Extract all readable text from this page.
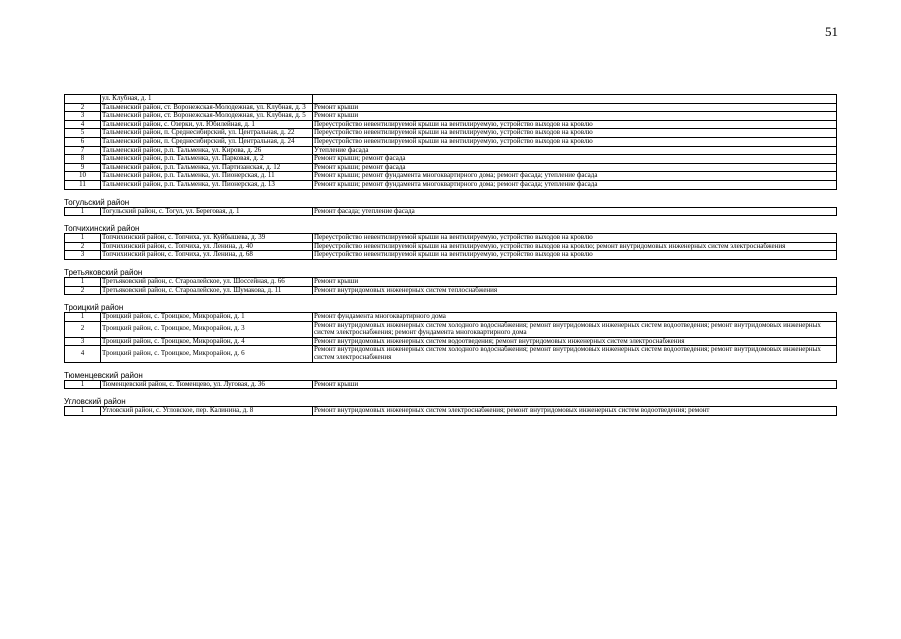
51
	ул. Клубная, д. 1	
2	Тальменский район, ст. Воронежская-Молодежная, ул. Клубная, д. 3	Ремонт крыши
3	Тальменский район, ст. Воронежская-Молодежная, ул. Клубная, д. 5	Ремонт крыши
4	Тальменский район, с. Озерки, ул. Юбилейная, д. 1	Переустройство невентилируемой крыши на вентилируемую, устройство выходов на кровлю
5	Тальменский район, п. Среднесибирский, ул. Центральная, д. 22	Переустройство невентилируемой крыши на вентилируемую, устройство выходов на кровлю
6	Тальменский район, п. Среднесибирский, ул. Центральная, д. 24	Переустройство невентилируемой крыши на вентилируемую, устройство выходов на кровлю
7	Тальменский район, р.п. Тальменка, ул. Кирова, д. 26	Утепление фасада
8	Тальменский район, р.п. Тальменка, ул. Парковая, д. 2	Ремонт крыши; ремонт фасада
9	Тальменский район, р.п. Тальменка, ул. Партизанская, д. 12	Ремонт крыши; ремонт фасада
10	Тальменский район, р.п. Тальменка, ул. Пионерская, д. 11	Ремонт крыши; ремонт фундамента многоквартирного дома; ремонт фасада; утепление фасада
11	Тальменский район, р.п. Тальменка, ул. Пионерская, д. 13	Ремонт крыши; ремонт фундамента многоквартирного дома; ремонт фасада; утепление фасада
Тогульский район
1	Тогульский район, с. Тогул, ул. Береговая, д. 1	Ремонт фасада; утепление фасада
Топчихинский район
1	Топчихинский район, с. Топчиха, ул. Куйбышева, д. 39	Переустройство невентилируемой крыши на вентилируемую, устройство выходов на кровлю
2	Топчихинский район, с. Топчиха, ул. Ленина, д. 40	Переустройство невентилируемой крыши на вентилируемую, устройство выходов на кровлю; ремонт внутридомовых инженерных систем электроснабжения
3	Топчихинский район, с. Топчиха, ул. Ленина, д. 68	Переустройство невентилируемой крыши на вентилируемую, устройство выходов на кровлю
Третьяковский район
1	Третьяковский район, с. Староалейское, ул. Шоссейная, д. 66	Ремонт крыши
2	Третьяковский район, с. Староалейское, ул. Шумакова, д. 11	Ремонт внутридомовых инженерных систем теплоснабжения
Троицкий район
1	Троицкий район, с. Троицкое, Микрорайон, д. 1	Ремонт фундамента многоквартирного дома
2	Троицкий район, с. Троицкое, Микрорайон, д. 3	Ремонт внутридомовых инженерных систем холодного водоснабжения; ремонт внутридомовых инженерных систем водоотведения; ремонт внутридомовых инженерных систем электроснабжения; ремонт фундамента многоквартирного дома
3	Троицкий район, с. Троицкое, Микрорайон, д. 4	Ремонт внутридомовых инженерных систем водоотведения; ремонт внутридомовых инженерных систем электроснабжения
4	Троицкий район, с. Троицкое, Микрорайон, д. 6	Ремонт внутридомовых инженерных систем холодного водоснабжения; ремонт внутридомовых инженерных систем водоотведения; ремонт внутридомовых инженерных систем электроснабжения
Тюменцевский район
1	Тюменцевский район, с. Тюменцево, ул. Луговая, д. 36	Ремонт крыши
Угловский район
1	Угловский район, с. Угловское, пер. Калинина, д. 8	Ремонт внутридомовых инженерных систем электроснабжения; ремонт внутридомовых инженерных систем водоотведения; ремонт
